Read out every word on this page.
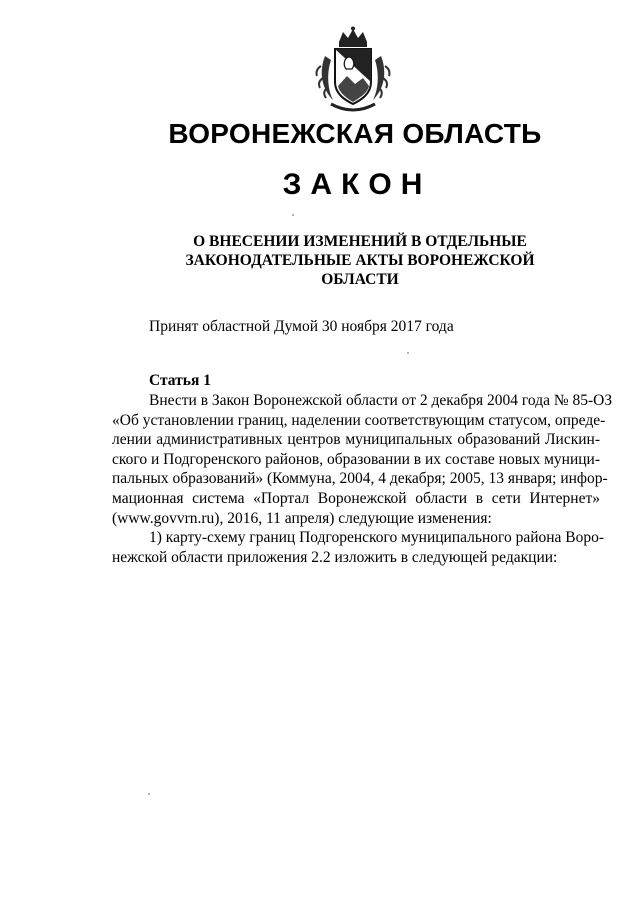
ВОРОНЕЖСКАЯ ОБЛАСТЬ
ЗАКОН
О ВНЕСЕНИИ ИЗМЕНЕНИЙ В ОТДЕЛЬНЫЕ
ЗАКОНОДАТЕЛЬНЫЕ АКТЫ ВОРОНЕЖСКОЙ
ОБЛАСТИ
Принят областной Думой 30 ноября 2017 года
Статья 1
Внести в Закон Воронежской области от 2 декабря 2004 года № 85-ОЗ
«Об установлении границ, наделении соответствующим статусом, опреде-
лении административных центров муниципальных образований Лискин-
ского и Подгоренского районов, образовании в их составе новых муници-
пальных образований» (Коммуна, 2004, 4 декабря; 2005, 13 января; инфор-
мационная система «Портал Воронежской области в сети Интернет»
(www.govvrn.ru), 2016, 11 апреля) следующие изменения:
1) карту-схему границ Подгоренского муниципального района Воро-
нежской области приложения 2.2 изложить в следующей редакции:
